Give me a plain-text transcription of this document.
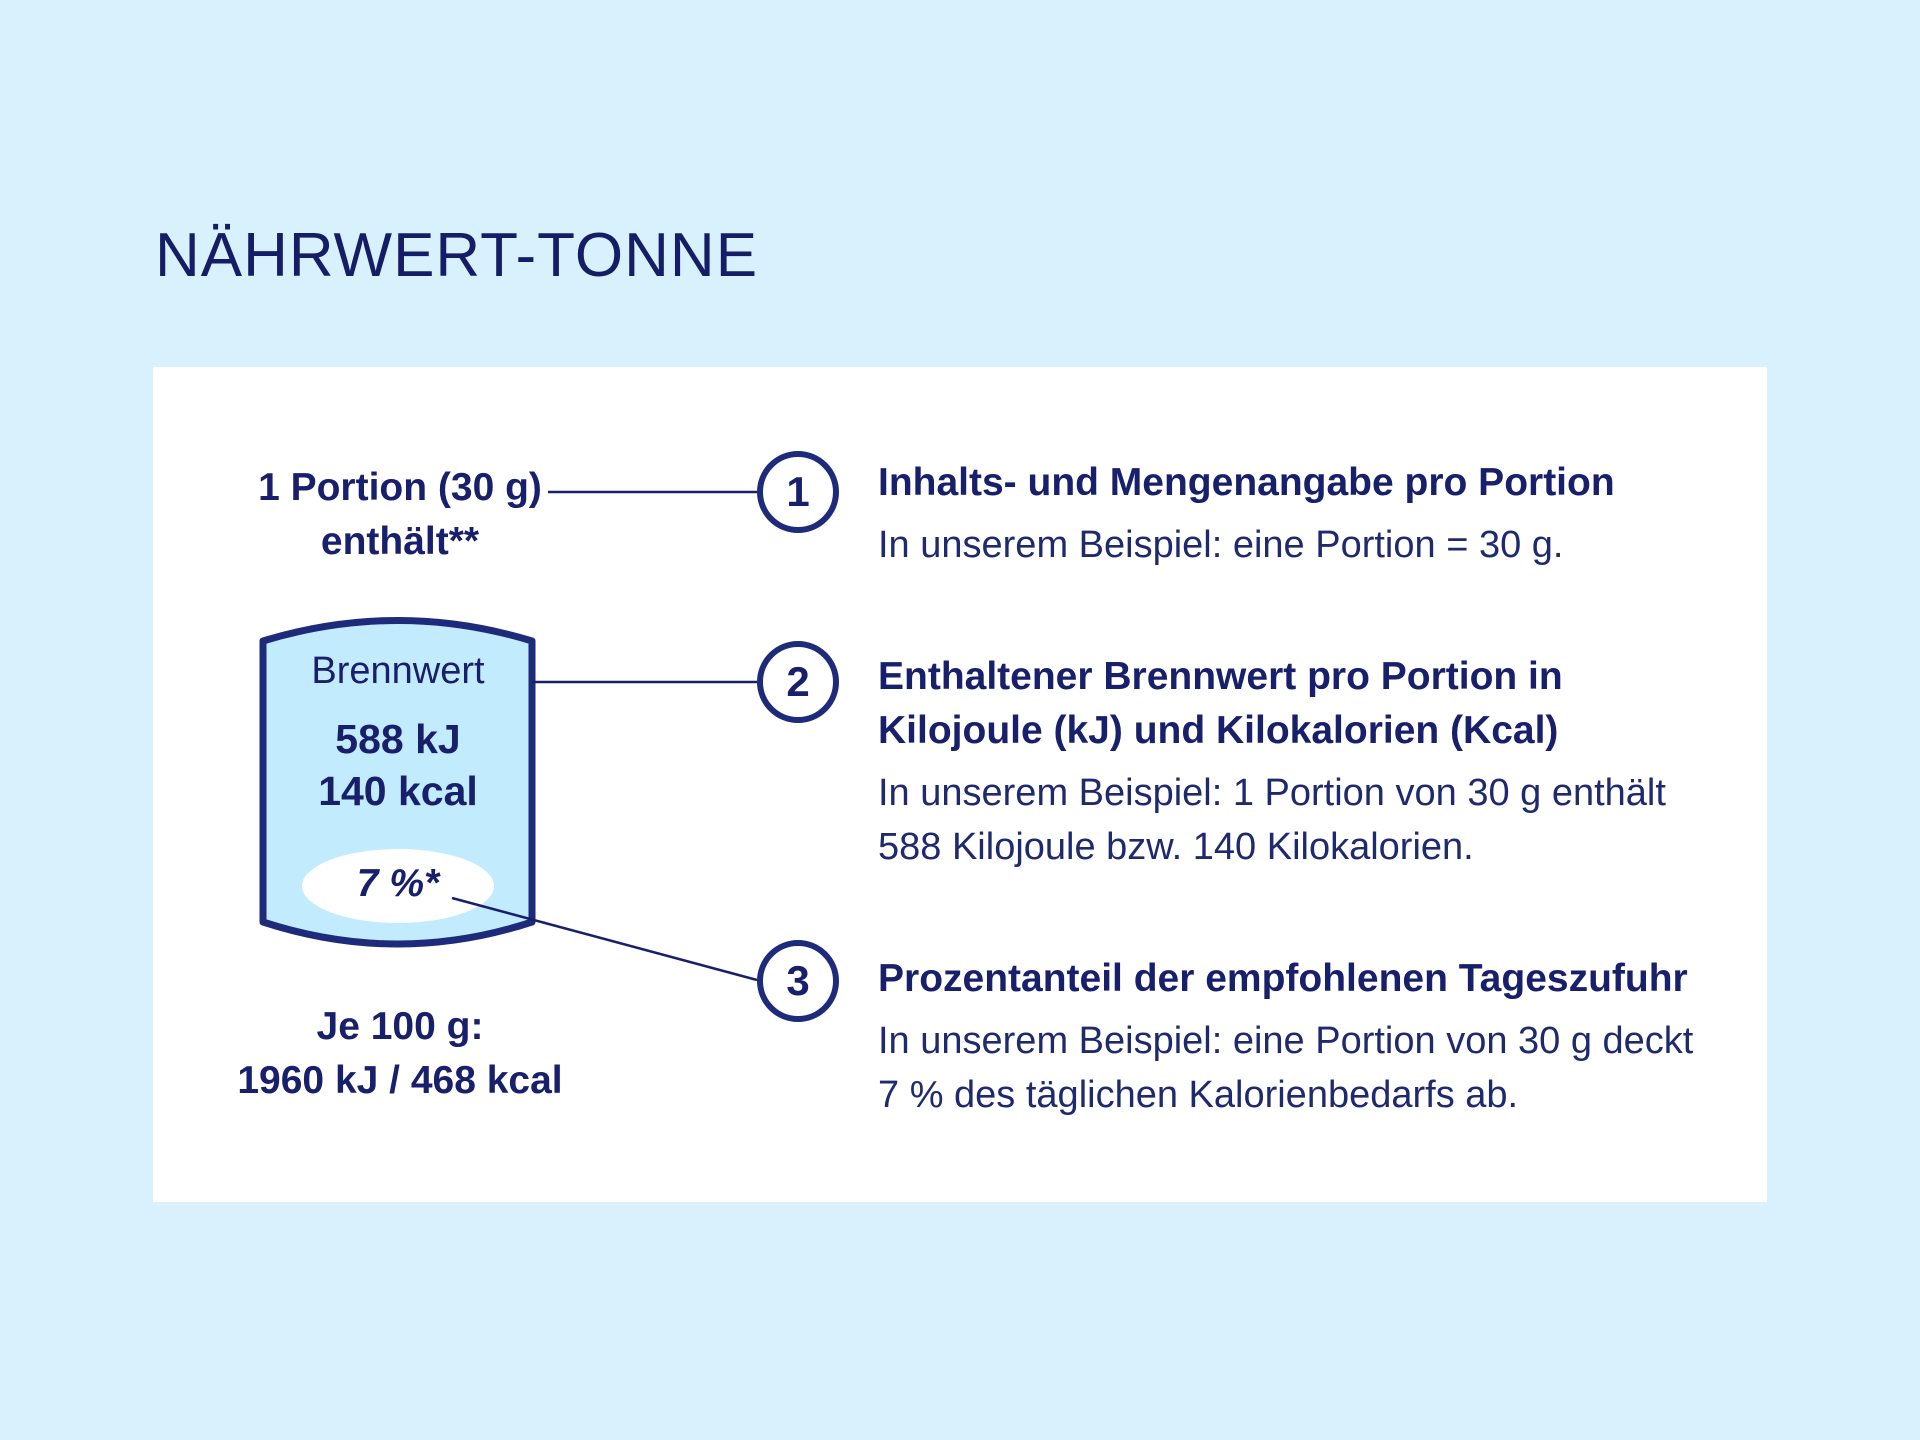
NÄHRWERT-TONNE
1
2
3
1 Portion (30 g) enthält**
Brennwert
588 kJ
140 kcal
7 %*
Je 100 g:
1960 kJ / 468 kcal

Inhalts- und Mengenangabe pro Portion

In unserem Beispiel: eine Portion = 30 g.

Enthaltener Brennwert pro Portion in Kilojoule (kJ) und Kilokalorien (Kcal)

In unserem Beispiel: 1 Portion von 30 g enthält 588 Kilojoule bzw. 140 Kilokalorien.

Prozentanteil der empfohlenen Tageszufuhr

In unserem Beispiel: eine Portion von 30 g deckt 7 % des täglichen Kalorienbedarfs ab.
